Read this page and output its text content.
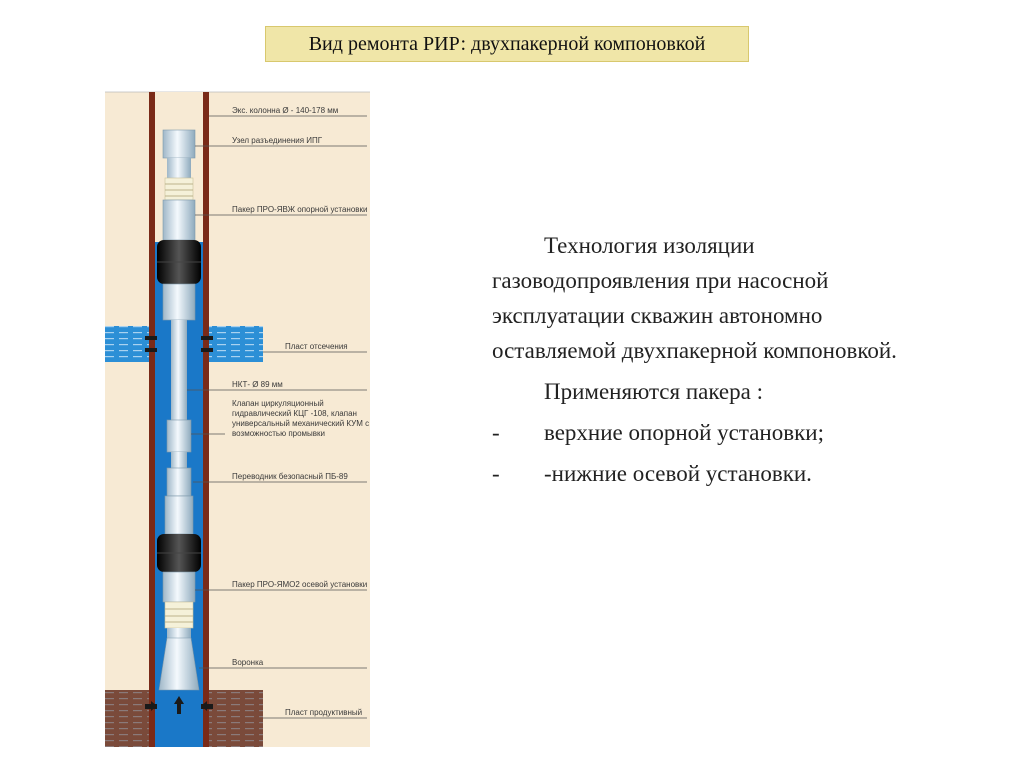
Вид ремонта РИР: двухпакерной компоновкой
Экс. колонна Ø - 140-178 мм
Узел разъединения ИПГ
Пакер ПРО-ЯВЖ опорной установки
Пласт отсечения
НКТ- Ø 89 мм
Клапан циркуляционный
гидравлический КЦГ -108, клапан
универсальный механический КУМ с
возможностью промывки
Переводник безопасный ПБ-89
Пакер ПРО-ЯМО2 осевой установки
Воронка
Пласт продуктивный

Технология изоляции газоводопроявления при насосной эксплуатации скважин автономно оставляемой двухпакерной компоновкой.

Применяются пакера :

-	верхние опорной установки;
-	-нижние осевой установки.
